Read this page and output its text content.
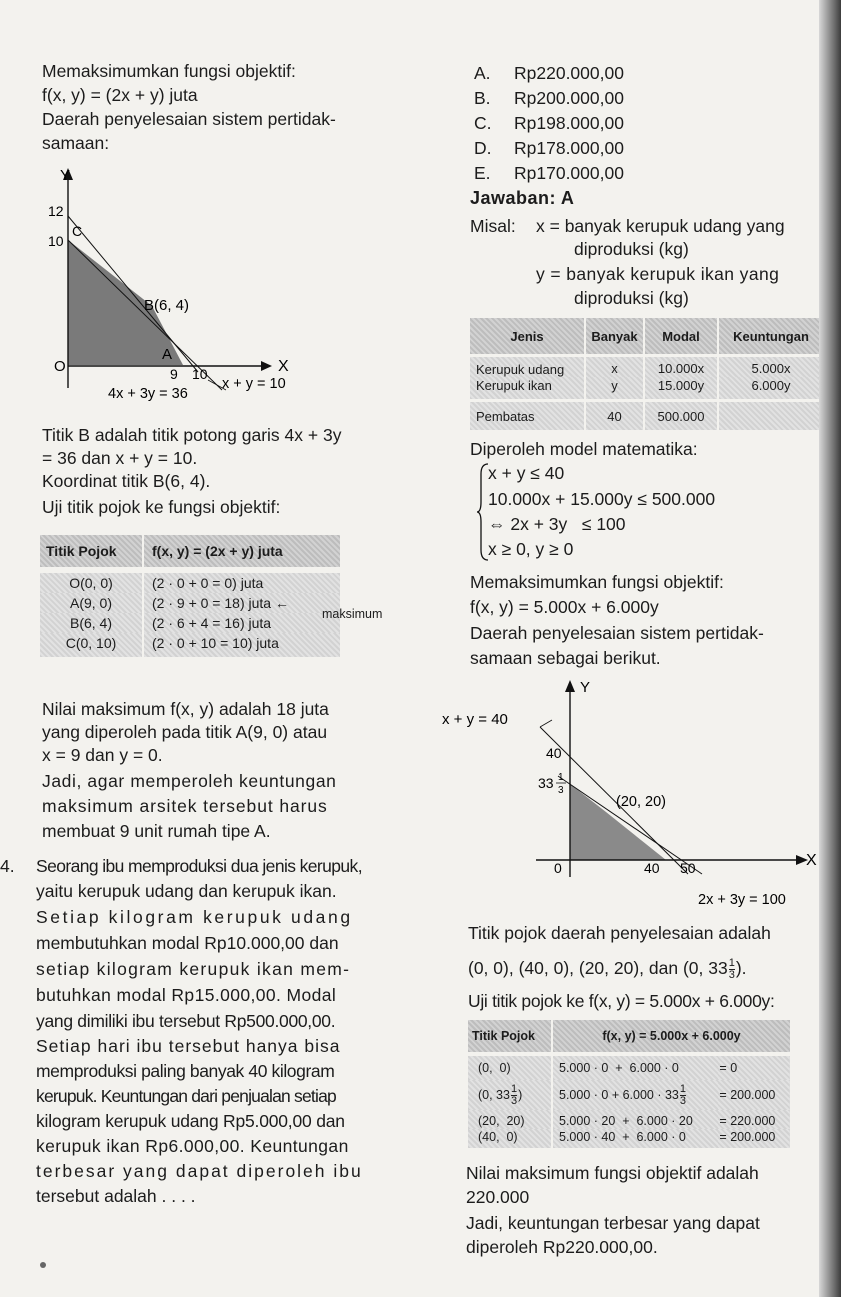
Memaksimumkan fungsi objektif:
f(x, y) = (2x + y) juta
Daerah penyelesaian sistem pertidak-
samaan:
Y
X
12
10
C
B(6, 4)
O
A
9 10
4x + 3y = 36
x + y = 10
Titik B adalah titik potong garis 4x + 3y
= 36 dan x + y = 10.
Koordinat titik B(6, 4).
Uji titik pojok ke fungsi objektif:
Titik Pojok	f(x, y) = (2x + y) juta

O(0, 0)	(2 · 0 + 0 = 0) juta
A(9, 0)	(2 · 9 + 0 = 18) juta ←
B(6, 4)	(2 · 6 + 4 = 16) juta
C(0, 10)	(2 · 0 + 10 = 10) juta
maksimum
Nilai maksimum f(x, y) adalah 18 juta
yang diperoleh pada titik A(9, 0) atau
x = 9 dan y = 0.
Jadi, agar memperoleh keuntungan
maksimum arsitek tersebut harus
membuat 9 unit rumah tipe A.
4. Seorang ibu memproduksi dua jenis kerupuk,
yaitu kerupuk udang dan kerupuk ikan.
Setiap kilogram kerupuk udang
membutuhkan modal Rp10.000,00 dan
setiap kilogram kerupuk ikan mem-
butuhkan modal Rp15.000,00. Modal
yang dimiliki ibu tersebut Rp500.000,00.
Setiap hari ibu tersebut hanya bisa
memproduksi paling banyak 40 kilogram
kerupuk. Keuntungan dari penjualan setiap
kilogram kerupuk udang Rp5.000,00 dan
kerupuk ikan Rp6.000,00. Keuntungan
terbesar yang dapat diperoleh ibu
tersebut adalah . . . .
A. Rp220.000,00
B. Rp200.000,00
C. Rp198.000,00
D. Rp178.000,00
E. Rp170.000,00
Jawaban: A
Misal: x = banyak kerupuk udang yang
diproduksi (kg)
y = banyak kerupuk ikan yang
diproduksi (kg)
Jenis	Banyak	Modal	Keuntungan

Kerupuk udang	x	10.000x	5.000x
Kerupuk ikan	y	15.000y	6.000y

Pembatas	40	500.000	
Diperoleh model matematika:
x + y ≤ 40
10.000x + 15.000y ≤ 500.000
⇔ 2x + 3y   ≤ 100
x ≥ 0, y ≥ 0
Memaksimumkan fungsi objektif:
f(x, y) = 5.000x + 6.000y
Daerah penyelesaian sistem pertidak-
samaan sebagai berikut.
Y
X
x + y = 40
40
33 1
3
(20, 20)
0	40 50
2x + 3y = 100
Titik pojok daerah penyelesaian adalah
(0, 0), (40, 0), (20, 20), dan (0, $33 \frac{1}{3}$ ).
Uji titik pojok ke f(x, y) = 5.000x + 6.000y:
Titik Pojok	f(x, y) = 5.000x + 6.000y	

(0,  0)	5.000 · 0  +  6.000 · 0	= 0
(0, $33 \frac{1}{3}$ )	$5.000 \cdot 0 + 6.000 \cdot 33 \frac{1}{3}$	= 200.000
(20,  20)	5.000 · 20  +  6.000 · 20	= 220.000
(40,  0)	5.000 · 40  +  6.000 · 0	= 200.000
Nilai maksimum fungsi objektif adalah
220.000
Jadi, keuntungan terbesar yang dapat
diperoleh Rp220.000,00.
